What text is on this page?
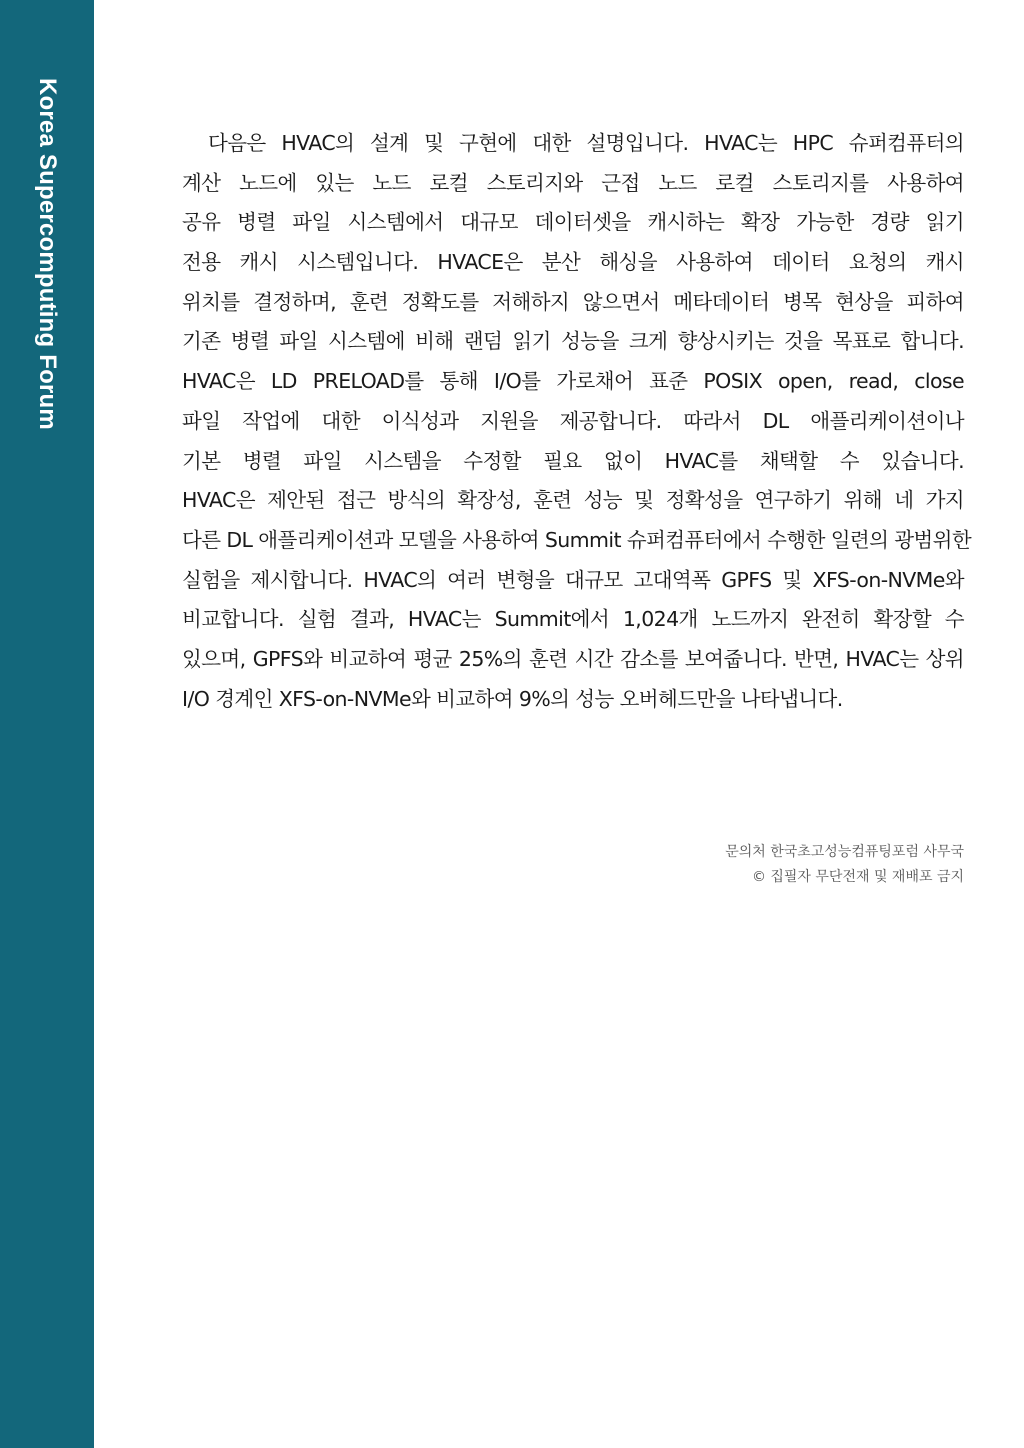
Korea Supercomputing Forum	다음은 HVAC의 설계 및 구현에 대한 설명입니다. HVAC는 HPC 슈퍼컴퓨터의
계산 노드에 있는 노드 로컬 스토리지와 근접 노드 로컬 스토리지를 사용하여
공유 병렬 파일 시스템에서 대규모 데이터셋을 캐시하는 확장 가능한 경량 읽기
전용 캐시 시스템입니다. HVACE은 분산 해싱을 사용하여 데이터 요청의 캐시
위치를 결정하며, 훈련 정확도를 저해하지 않으면서 메타데이터 병목 현상을 피하여
기존 병렬 파일 시스템에 비해 랜덤 읽기 성능을 크게 향상시키는 것을 목표로 합니다.
HVAC은 LD PRELOAD를 통해 I/O를 가로채어 표준 POSIX open, read, close
파일 작업에 대한 이식성과 지원을 제공합니다. 따라서 DL 애플리케이션이나
기본 병렬 파일 시스템을 수정할 필요 없이 HVAC를 채택할 수 있습니다.
HVAC은 제안된 접근 방식의 확장성, 훈련 성능 및 정확성을 연구하기 위해 네 가지
다른 DL 애플리케이션과 모델을 사용하여 Summit 슈퍼컴퓨터에서 수행한 일련의 광범위한
실험을 제시합니다. HVAC의 여러 변형을 대규모 고대역폭 GPFS 및 XFS-on-NVMe와
비교합니다. 실험 결과, HVAC는 Summit에서 1,024개 노드까지 완전히 확장할 수
있으며, GPFS와 비교하여 평균 25%의 훈련 시간 감소를 보여줍니다. 반면, HVAC는 상위
I/O 경계인 XFS-on-NVMe와 비교하여 9%의 성능 오버헤드만을 나타냅니다.
문의처 한국초고성능컴퓨팅포럼 사무국
© 집필자 무단전재 및 재배포 금지
